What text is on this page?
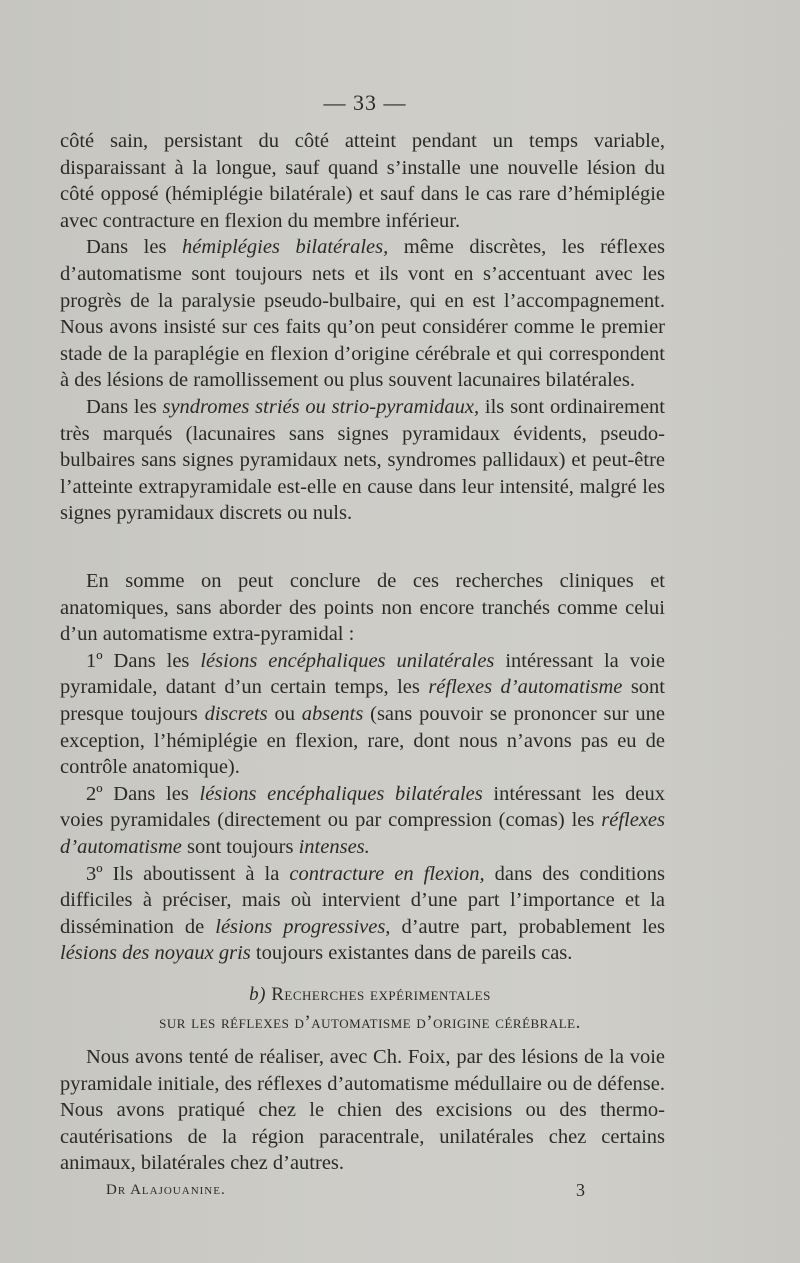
— 33 —

côté sain, persistant du côté atteint pendant un temps variable, disparaissant à la longue, sauf quand s’installe une nouvelle lésion du côté opposé (hémiplégie bilatérale) et sauf dans le cas rare d’hémiplégie avec contracture en flexion du membre inférieur.

Dans les hémiplégies bilatérales, même discrètes, les réflexes d’automatisme sont toujours nets et ils vont en s’accentuant avec les progrès de la paralysie pseudo-bulbaire, qui en est l’accompagnement. Nous avons insisté sur ces faits qu’on peut considérer comme le premier stade de la paraplégie en flexion d’origine cérébrale et qui correspondent à des lésions de ramollissement ou plus souvent lacunaires bilatérales.

Dans les syndromes striés ou strio-pyramidaux, ils sont ordinairement très marqués (lacunaires sans signes pyramidaux évidents, pseudo-bulbaires sans signes pyramidaux nets, syndromes pallidaux) et peut-être l’atteinte extrapyramidale est-elle en cause dans leur intensité, malgré les signes pyramidaux discrets ou nuls.

En somme on peut conclure de ces recherches cliniques et anatomiques, sans aborder des points non encore tranchés comme celui d’un automatisme extra-pyramidal :

1º Dans les lésions encéphaliques unilatérales intéressant la voie pyramidale, datant d’un certain temps, les réflexes d’automatisme sont presque toujours discrets ou absents (sans pouvoir se prononcer sur une exception, l’hémiplégie en flexion, rare, dont nous n’avons pas eu de contrôle anatomique).

2º Dans les lésions encéphaliques bilatérales intéressant les deux voies pyramidales (directement ou par compression (comas) les réflexes d’automatisme sont toujours intenses.

3º Ils aboutissent à la contracture en flexion, dans des conditions difficiles à préciser, mais où intervient d’une part l’importance et la dissémination de lésions progressives, d’autre part, probablement les lésions des noyaux gris toujours existantes dans de pareils cas.

b) Recherches expérimentales
sur les réflexes d’automatisme d’origine cérébrale.

Nous avons tenté de réaliser, avec Ch. Foix, par des lésions de la voie pyramidale initiale, des réflexes d’automatisme médullaire ou de défense. Nous avons pratiqué chez le chien des excisions ou des thermo-cautérisations de la région paracentrale, unilatérales chez certains animaux, bilatérales chez d’autres.

Dr Alajouanine.	3
